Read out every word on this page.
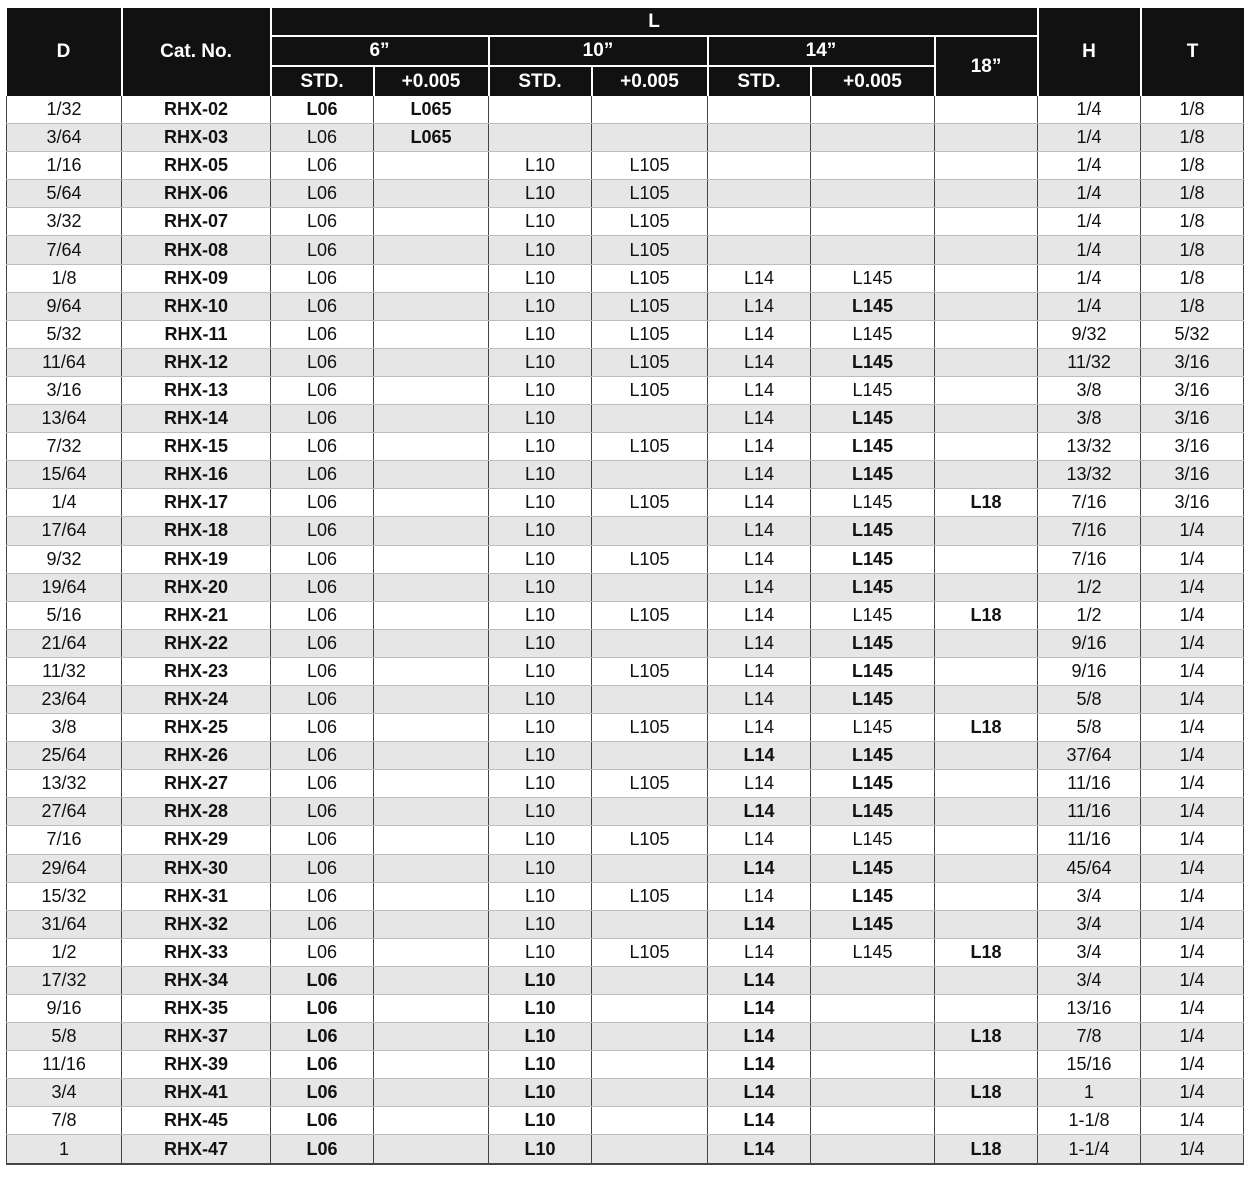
D	Cat. No.	L							H	T
		6”		10”		14”		18”		
		STD.	+0.005	STD.	+0.005	STD.	+0.005			
1/32	RHX-02	L06	L065						1/4	1/8
3/64	RHX-03	L06	L065						1/4	1/8
1/16	RHX-05	L06		L10	L105				1/4	1/8
5/64	RHX-06	L06		L10	L105				1/4	1/8
3/32	RHX-07	L06		L10	L105				1/4	1/8
7/64	RHX-08	L06		L10	L105				1/4	1/8
1/8	RHX-09	L06		L10	L105	L14	L145		1/4	1/8
9/64	RHX-10	L06		L10	L105	L14	L145		1/4	1/8
5/32	RHX-11	L06		L10	L105	L14	L145		9/32	5/32
11/64	RHX-12	L06		L10	L105	L14	L145		11/32	3/16
3/16	RHX-13	L06		L10	L105	L14	L145		3/8	3/16
13/64	RHX-14	L06		L10		L14	L145		3/8	3/16
7/32	RHX-15	L06		L10	L105	L14	L145		13/32	3/16
15/64	RHX-16	L06		L10		L14	L145		13/32	3/16
1/4	RHX-17	L06		L10	L105	L14	L145	L18	7/16	3/16
17/64	RHX-18	L06		L10		L14	L145		7/16	1/4
9/32	RHX-19	L06		L10	L105	L14	L145		7/16	1/4
19/64	RHX-20	L06		L10		L14	L145		1/2	1/4
5/16	RHX-21	L06		L10	L105	L14	L145	L18	1/2	1/4
21/64	RHX-22	L06		L10		L14	L145		9/16	1/4
11/32	RHX-23	L06		L10	L105	L14	L145		9/16	1/4
23/64	RHX-24	L06		L10		L14	L145		5/8	1/4
3/8	RHX-25	L06		L10	L105	L14	L145	L18	5/8	1/4
25/64	RHX-26	L06		L10		L14	L145		37/64	1/4
13/32	RHX-27	L06		L10	L105	L14	L145		11/16	1/4
27/64	RHX-28	L06		L10		L14	L145		11/16	1/4
7/16	RHX-29	L06		L10	L105	L14	L145		11/16	1/4
29/64	RHX-30	L06		L10		L14	L145		45/64	1/4
15/32	RHX-31	L06		L10	L105	L14	L145		3/4	1/4
31/64	RHX-32	L06		L10		L14	L145		3/4	1/4
1/2	RHX-33	L06		L10	L105	L14	L145	L18	3/4	1/4
17/32	RHX-34	L06		L10		L14			3/4	1/4
9/16	RHX-35	L06		L10		L14			13/16	1/4
5/8	RHX-37	L06		L10		L14		L18	7/8	1/4
11/16	RHX-39	L06		L10		L14			15/16	1/4
3/4	RHX-41	L06		L10		L14		L18	1	1/4
7/8	RHX-45	L06		L10		L14			1-1/8	1/4
1	RHX-47	L06		L10		L14		L18	1-1/4	1/4
